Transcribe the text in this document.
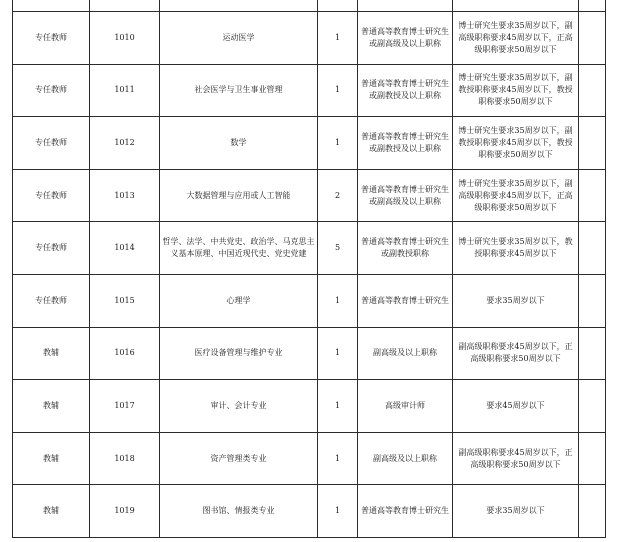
专任教师	1010	运动医学	1	普通高等教育博士研究生或副高级及以上职称	博士研究生要求35周岁以下，副高级职称要求45周岁以下，正高级职称要求50周岁以下	
专任教师	1011	社会医学与卫生事业管理	1	普通高等教育博士研究生或副教授及以上职称	博士研究生要求35周岁以下，副教授职称要求45周岁以下，教授职称要求50周岁以下	
专任教师	1012	数学	1	普通高等教育博士研究生或副教授及以上职称	博士研究生要求35周岁以下，副教授职称要求45周岁以下，教授职称要求50周岁以下	
专任教师	1013	大数据管理与应用或人工智能	2	普通高等教育博士研究生或副高级及以上职称	博士研究生要求35周岁以下，副高级职称要求45周岁以下，正高级职称要求50周岁以下	
专任教师	1014	哲学、法学、中共党史、政治学、马克思主义基本原理、中国近现代史、党史党建	5	普通高等教育博士研究生或副教授职称	博士研究生要求35周岁以下，教授职称要求45周岁以下	
专任教师	1015	心理学	1	普通高等教育博士研究生	要求35周岁以下	
教辅	1016	医疗设备管理与维护专业	1	副高级及以上职称	副高级职称要求45周岁以下，正高级职称要求50周岁以下	
教辅	1017	审计、会计专业	1	高级审计师	要求45周岁以下	
教辅	1018	资产管理类专业	1	副高级及以上职称	副高级职称要求45周岁以下，正高级职称要求50周岁以下	
教辅	1019	图书馆、情报类专业	1	普通高等教育博士研究生	要求35周岁以下	
